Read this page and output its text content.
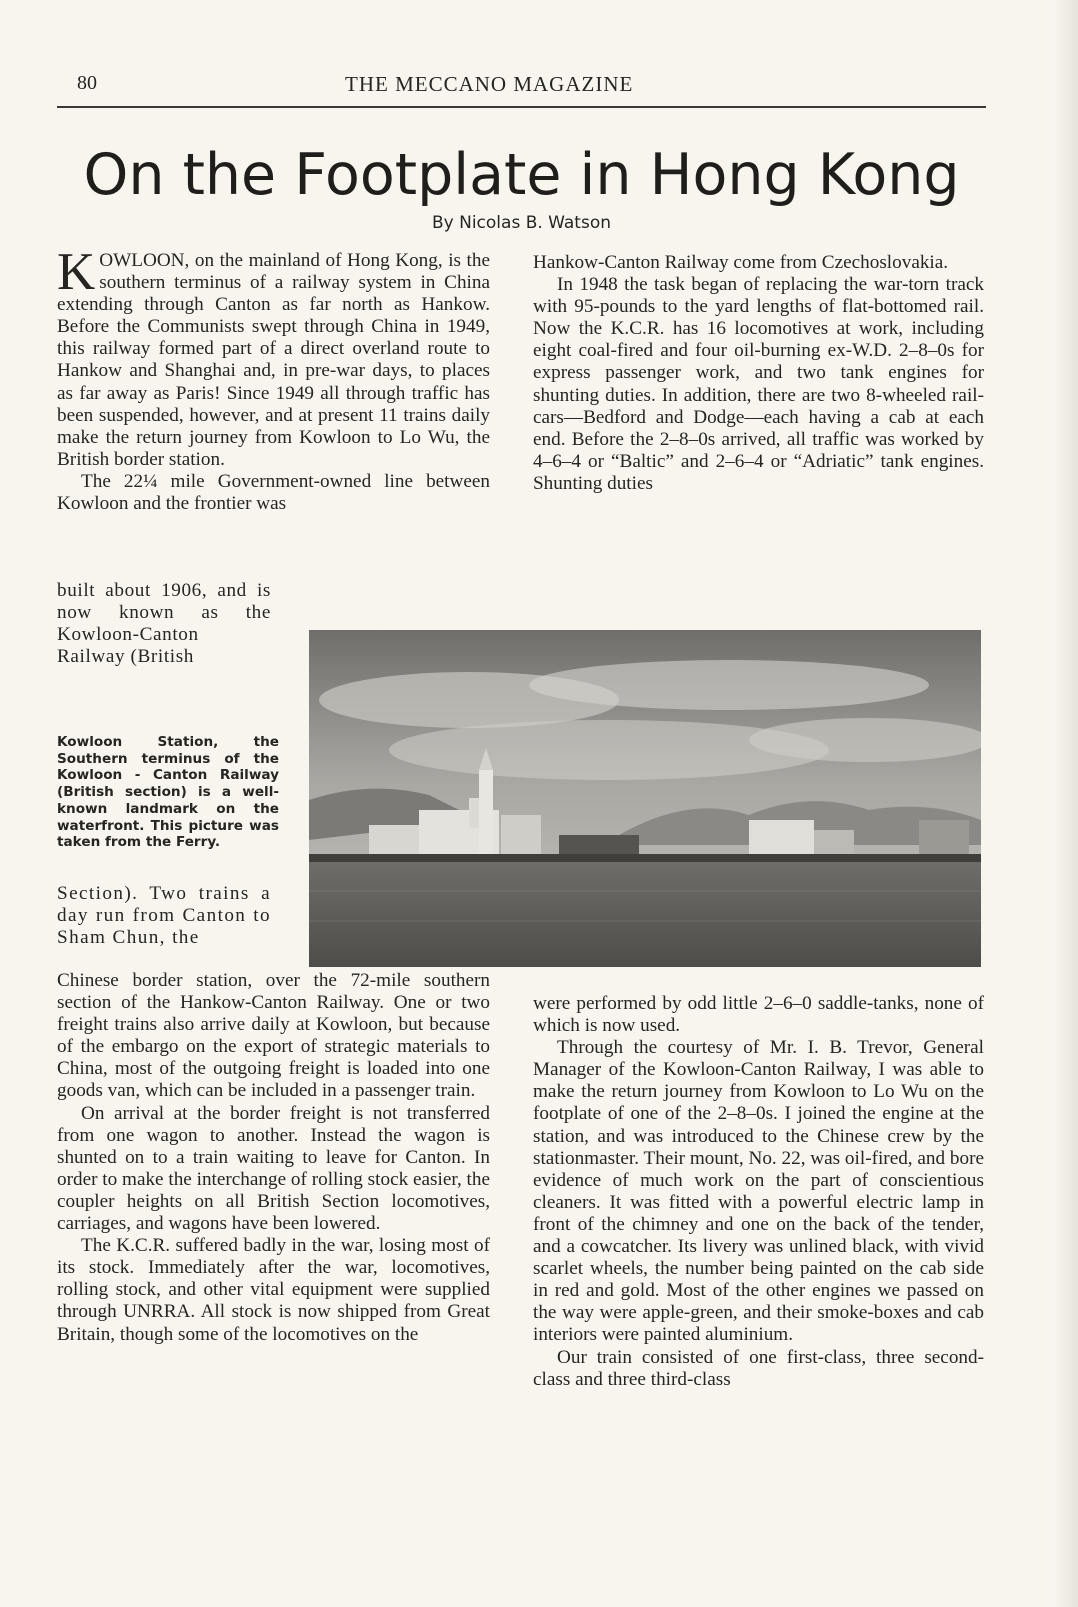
80	THE MECCANO MAGAZINE
On the Footplate in Hong Kong
By Nicolas B. Watson

KOWLOON, on the mainland of Hong Kong, is the southern terminus of a railway system in China extending through Canton as far north as Hankow. Before the Communists swept through China in 1949, this railway formed part of a direct overland route to Hankow and Shanghai and, in pre-war days, to places as far away as Paris! Since 1949 all through traffic has been suspended, however, and at present 11 trains daily make the return journey from Kowloon to Lo Wu, the British border station.

The 22¼ mile Government-owned line between Kowloon and the frontier was

built about 1906, and is now known as the Kowloon-Canton Railway (British

Kowloon Station, the Southern terminus of the Kowloon - Canton Railway (British section) is a well-known landmark on the waterfront. This picture was taken from the Ferry.

Section). Two trains a day run from Canton to Sham Chun, the

Chinese border station, over the 72-mile southern section of the Hankow-Canton Railway. One or two freight trains also arrive daily at Kowloon, but because of the embargo on the export of strategic materials to China, most of the outgoing freight is loaded into one goods van, which can be included in a passenger train.

On arrival at the border freight is not transferred from one wagon to another. Instead the wagon is shunted on to a train waiting to leave for Canton. In order to make the interchange of rolling stock easier, the coupler heights on all British Section locomotives, carriages, and wagons have been lowered.

The K.C.R. suffered badly in the war, losing most of its stock. Immediately after the war, locomotives, rolling stock, and other vital equipment were supplied through UNRRA. All stock is now shipped from Great Britain, though some of the locomotives on the

Hankow-Canton Railway come from Czechoslovakia.

In 1948 the task began of replacing the war-torn track with 95-pounds to the yard lengths of flat-bottomed rail. Now the K.C.R. has 16 locomotives at work, including eight coal-fired and four oil-burning ex-W.D. 2–8–0s for express passenger work, and two tank engines for shunting duties. In addition, there are two 8-wheeled rail-cars—Bedford and Dodge—each having a cab at each end. Before the 2–8–0s arrived, all traffic was worked by 4–6–4 or “Baltic” and 2–6–4 or “Adriatic” tank engines. Shunting duties

were performed by odd little 2–6–0 saddle-tanks, none of which is now used.

Through the courtesy of Mr. I. B. Trevor, General Manager of the Kowloon-Canton Railway, I was able to make the return journey from Kowloon to Lo Wu on the footplate of one of the 2–8–0s. I joined the engine at the station, and was introduced to the Chinese crew by the stationmaster. Their mount, No. 22, was oil-fired, and bore evidence of much work on the part of conscientious cleaners. It was fitted with a powerful electric lamp in front of the chimney and one on the back of the tender, and a cowcatcher. Its livery was unlined black, with vivid scarlet wheels, the number being painted on the cab side in red and gold. Most of the other engines we passed on the way were apple-green, and their smoke-boxes and cab interiors were painted aluminium.

Our train consisted of one first-class, three second-class and three third-class
